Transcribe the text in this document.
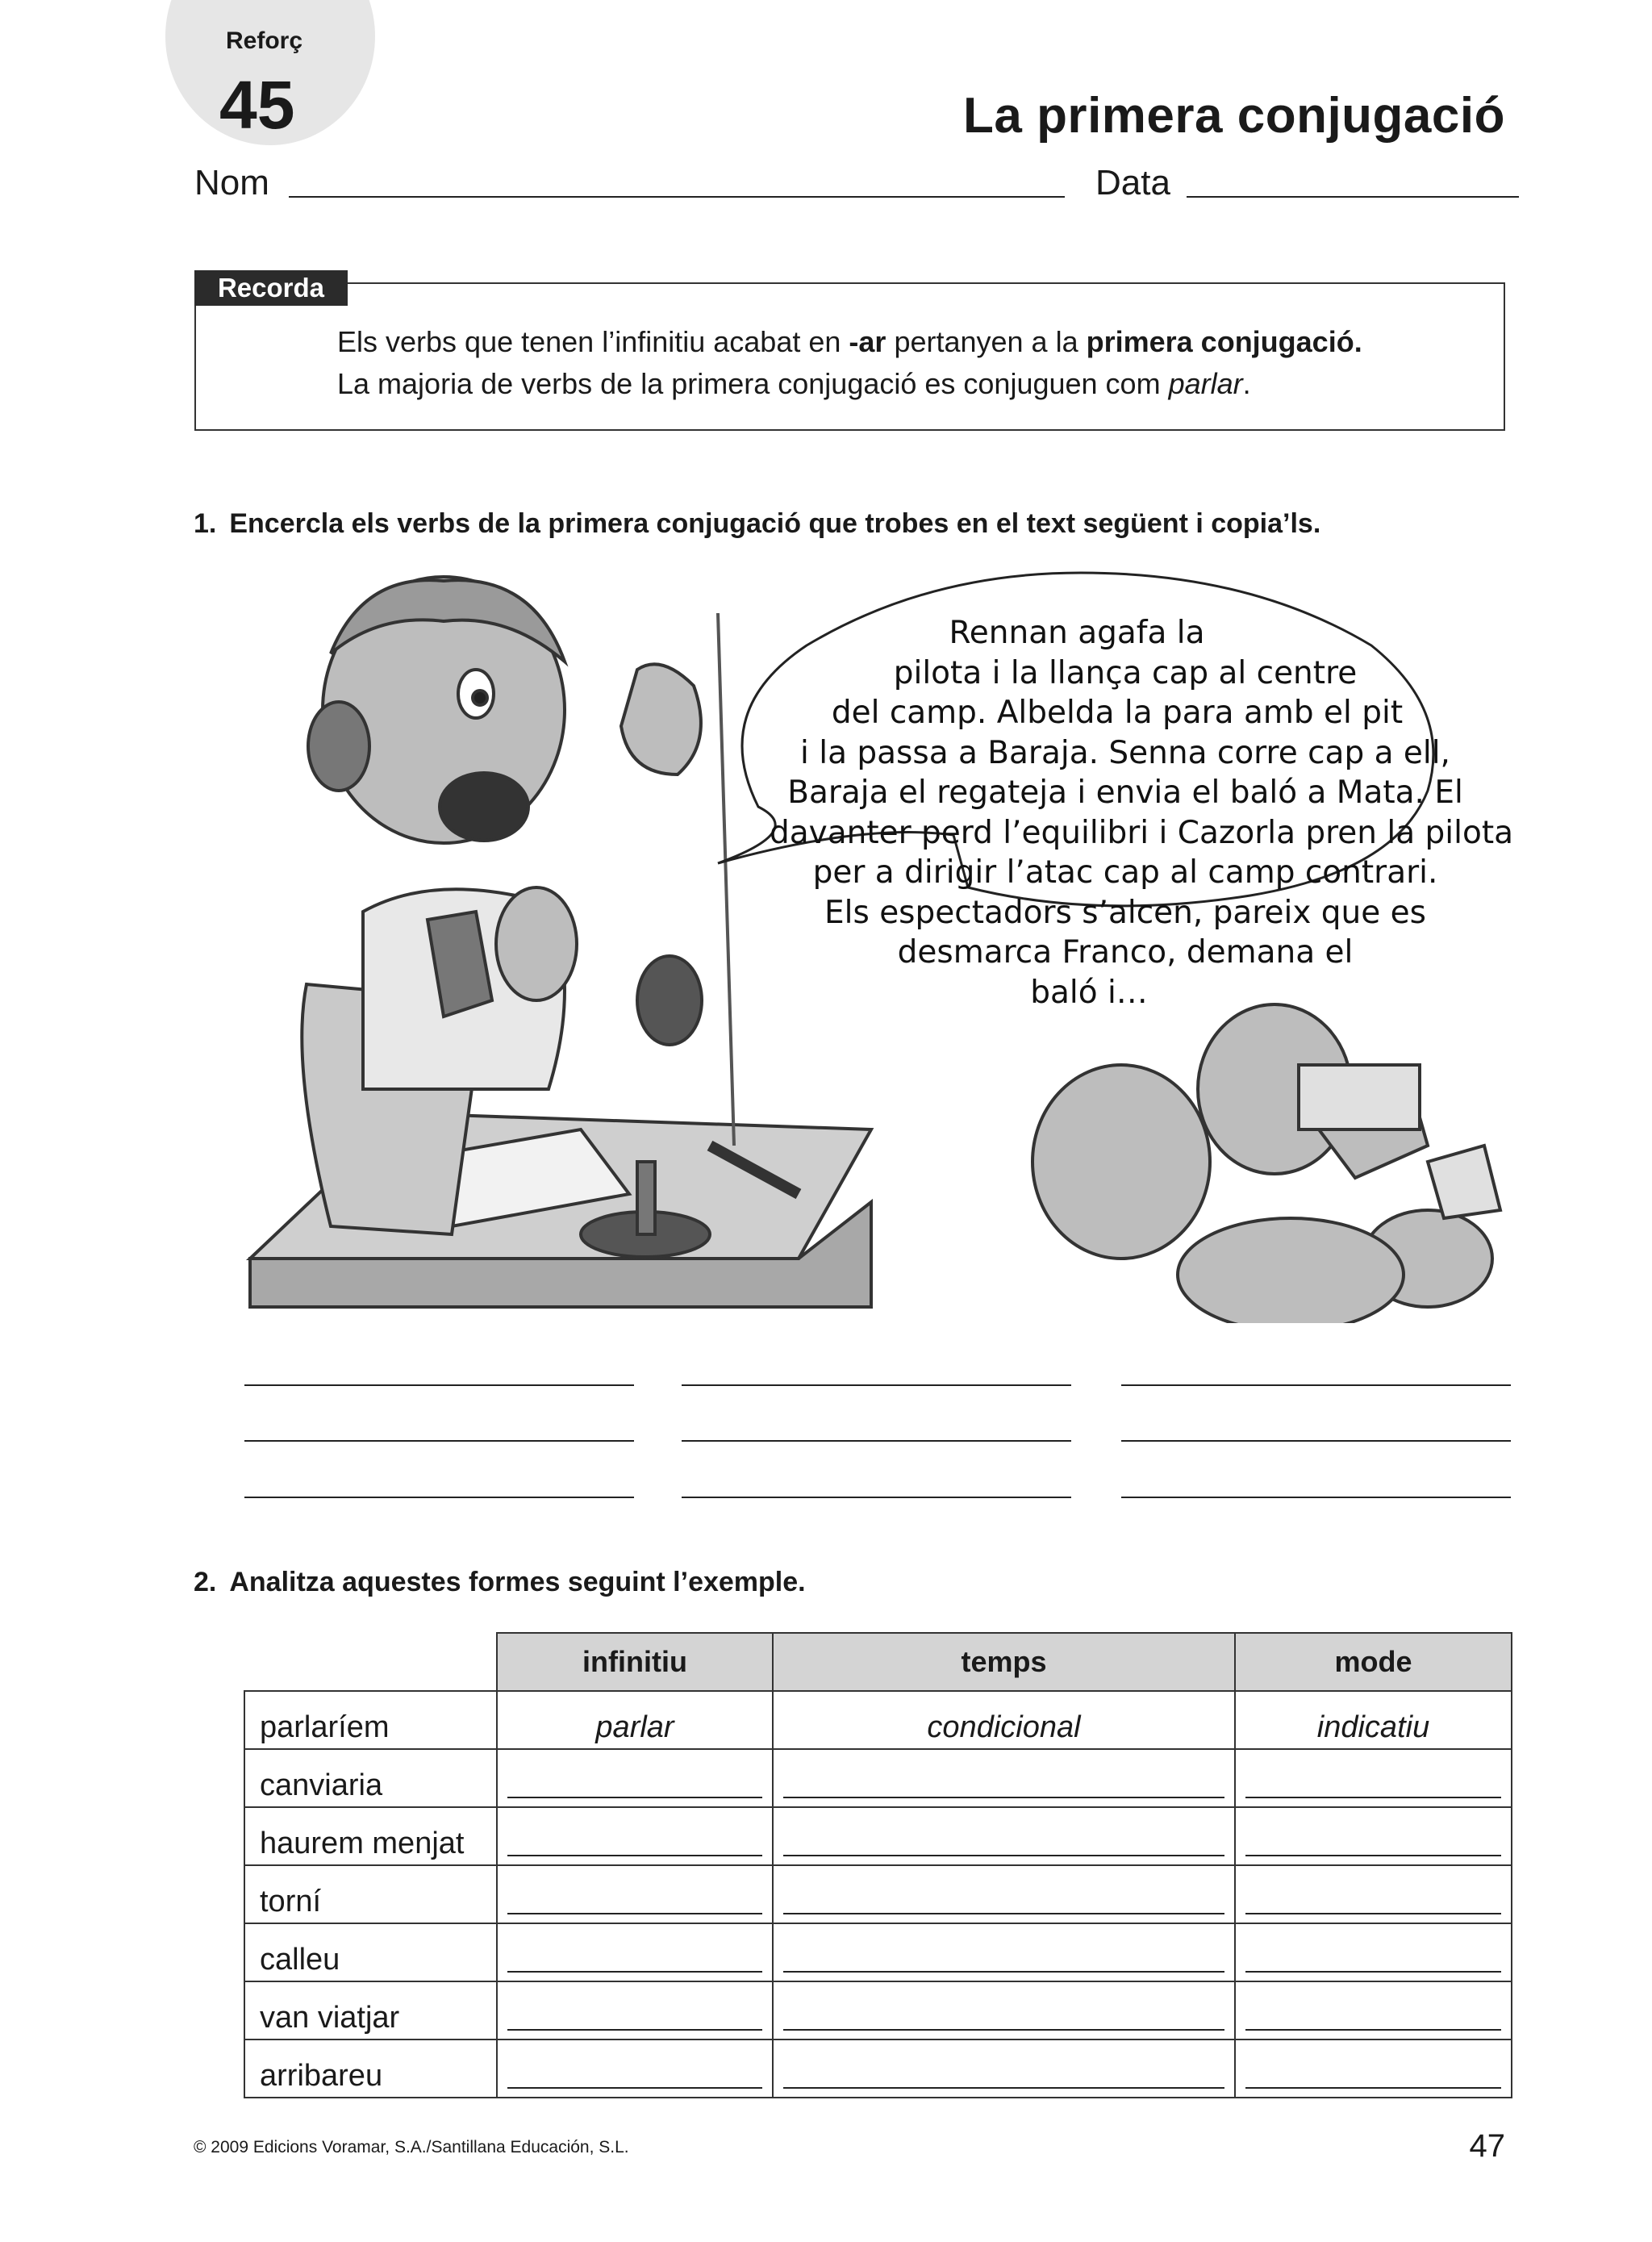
Reforç
45	La primera conjugació
Nom	Data
Recorda
Els verbs que tenen l’infinitiu acabat en -ar pertanyen a la primera conjugació.
La majoria de verbs de la primera conjugació es conjuguen com parlar.
1. Encercla els verbs de la primera conjugació que trobes en el text següent i copia’ls.
Rennan agafa la
pilota i la llança cap al centre
del camp. Albelda la para amb el pit
i la passa a Baraja. Senna corre cap a ell,
Baraja el regateja i envia el baló a Mata. El
davanter perd l’equilibri i Cazorla pren la pilota
per a dirigir l’atac cap al camp contrari.
Els espectadors s’alcen, pareix que es
desmarca Franco, demana el
baló i…
2. Analitza aquestes formes seguint l’exemple.
	infinitiu	temps	mode
parlaríem	parlar	condicional	indicatiu
canviaria	

haurem menjat	

torní	

calleu	

van viatjar	

arribareu	

© 2009 Edicions Voramar, S.A./Santillana Educación, S.L.	47
